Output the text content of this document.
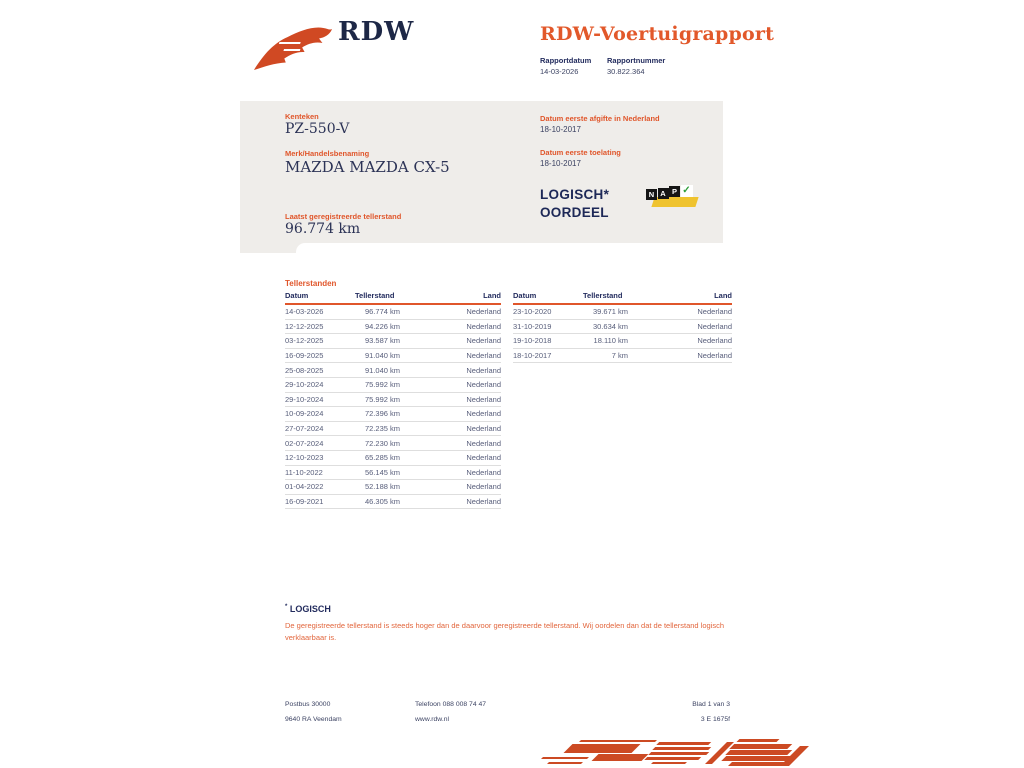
RDW	RDW-Voertuigrapport
Rapportdatum
14-03-2026
Rapportnummer
30.822.364
Kenteken
PZ-550-V
Merk/Handelsbenaming
MAZDA MAZDA CX-5
Laatst geregistreerde tellerstand
96.774 km
Datum eerste afgifte in Nederland
18-10-2017
Datum eerste toelating
18-10-2017
LOGISCH*
OORDEEL
N A P ✓
Tellerstanden
Datum	Tellerstand	Land
14-03-2026	96.774 km	Nederland
12-12-2025	94.226 km	Nederland
03-12-2025	93.587 km	Nederland
16-09-2025	91.040 km	Nederland
25-08-2025	91.040 km	Nederland
29-10-2024	75.992 km	Nederland
29-10-2024	75.992 km	Nederland
10-09-2024	72.396 km	Nederland
27-07-2024	72.235 km	Nederland
02-07-2024	72.230 km	Nederland
12-10-2023	65.285 km	Nederland
11-10-2022	56.145 km	Nederland
01-04-2022	52.188 km	Nederland
16-09-2021	46.305 km	Nederland
Datum	Tellerstand	Land
23-10-2020	39.671 km	Nederland
31-10-2019	30.634 km	Nederland
19-10-2018	18.110 km	Nederland
18-10-2017	7 km	Nederland
* LOGISCH
De geregistreerde tellerstand is steeds hoger dan de daarvoor geregistreerde tellerstand. Wij oordelen dan dat de tellerstand logisch verklaarbaar is.
Postbus 30000
9640 RA Veendam
Telefoon 088 008 74 47
www.rdw.nl
Blad 1 van 3
3 E 1675f
